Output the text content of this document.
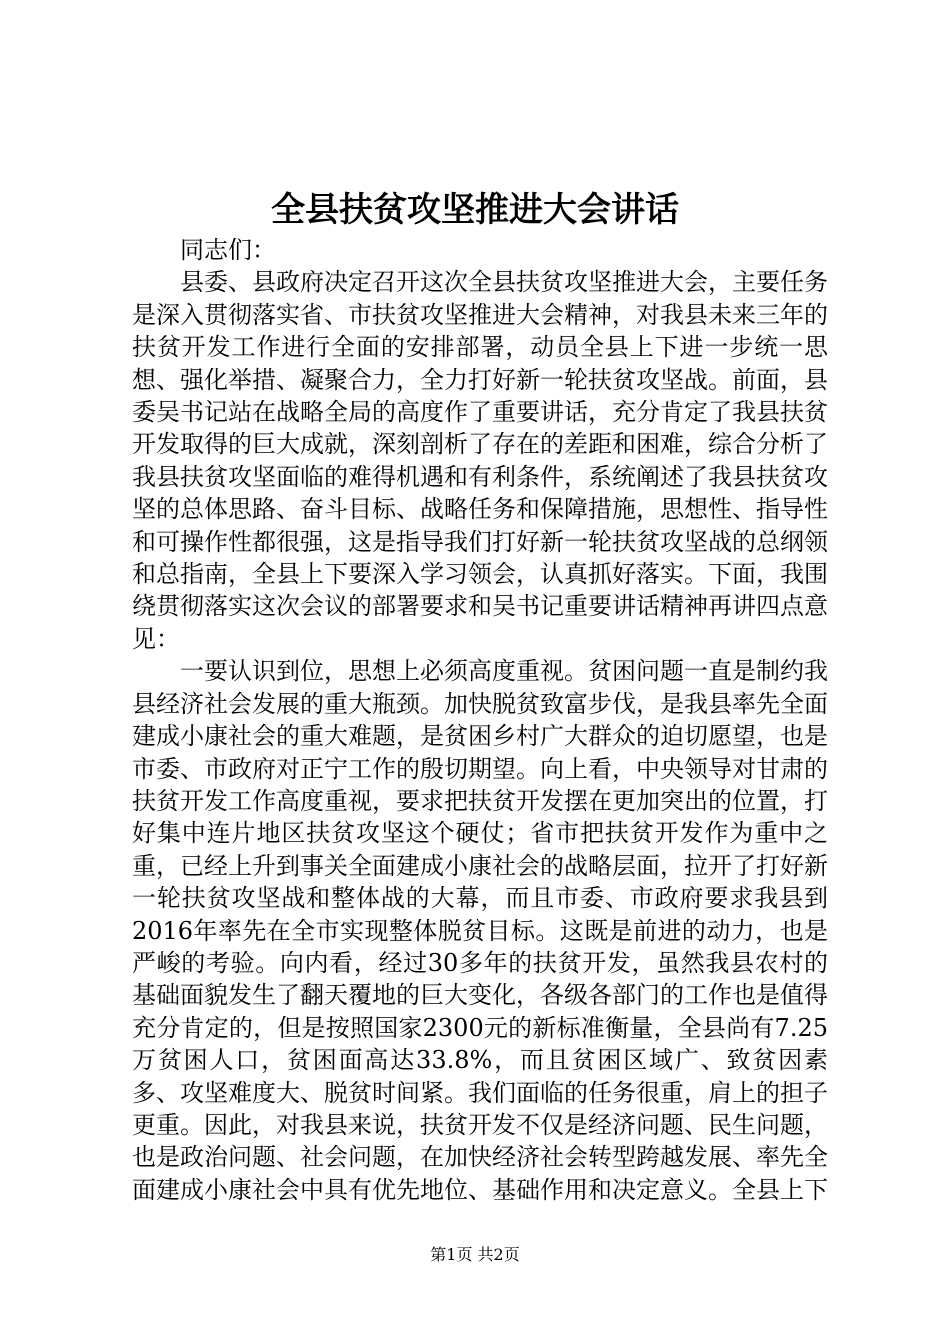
全县扶贫攻坚推进大会讲话

同志们：

县委、县政府决定召开这次全县扶贫攻坚推进大会，主要任务是深入贯彻落实省、市扶贫攻坚推进大会精神，对我县未来三年的扶贫开发工作进行全面的安排部署，动员全县上下进一步统一思想、强化举措、凝聚合力，全力打好新一轮扶贫攻坚战。前面，县委吴书记站在战略全局的高度作了重要讲话，充分肯定了我县扶贫开发取得的巨大成就，深刻剖析了存在的差距和困难，综合分析了我县扶贫攻坚面临的难得机遇和有利条件，系统阐述了我县扶贫攻坚的总体思路、奋斗目标、战略任务和保障措施，思想性、指导性和可操作性都很强，这是指导我们打好新一轮扶贫攻坚战的总纲领和总指南，全县上下要深入学习领会，认真抓好落实。下面，我围绕贯彻落实这次会议的部署要求和吴书记重要讲话精神再讲四点意见：

一要认识到位，思想上必须高度重视。贫困问题一直是制约我县经济社会发展的重大瓶颈。加快脱贫致富步伐，是我县率先全面建成小康社会的重大难题，是贫困乡村广大群众的迫切愿望，也是市委、市政府对正宁工作的殷切期望。向上看，中央领导对甘肃的扶贫开发工作高度重视，要求把扶贫开发摆在更加突出的位置，打好集中连片地区扶贫攻坚这个硬仗；省市把扶贫开发作为重中之重，已经上升到事关全面建成小康社会的战略层面，拉开了打好新一轮扶贫攻坚战和整体战的大幕，而且市委、市政府要求我县到2016年率先在全市实现整体脱贫目标。这既是前进的动力，也是严峻的考验。向内看，经过30多年的扶贫开发，虽然我县农村的基础面貌发生了翻天覆地的巨大变化，各级各部门的工作也是值得充分肯定的，但是按照国家2300元的新标准衡量，全县尚有7.25万贫困人口，贫困面高达33.8%，而且贫困区域广、致贫因素多、攻坚难度大、脱贫时间紧。我们面临的任务很重，肩上的担子更重。因此，对我县来说，扶贫开发不仅是经济问题、民生问题，也是政治问题、社会问题，在加快经济社会转型跨越发展、率先全面建成小康社会中具有优先地位、基础作用和决定意义。全县上下

第1页 共2页
